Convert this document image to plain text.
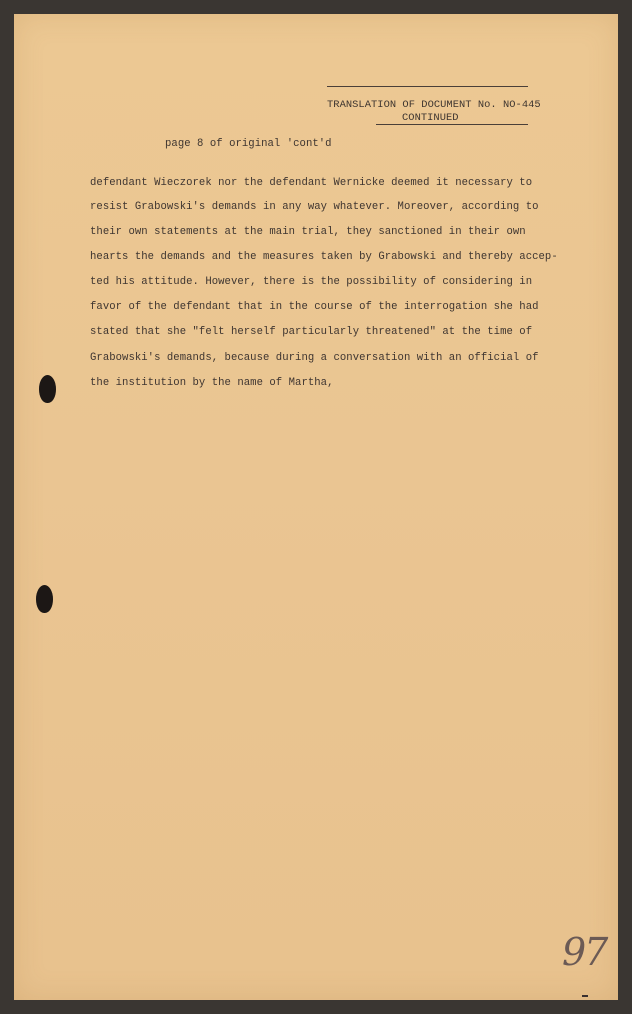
TRANSLATION OF DOCUMENT No. NO-445
CONTINUED
page 8 of original 'cont'd
defendant Wieczorek nor the defendant Wernicke deemed it necessary to
resist Grabowski's demands in any way whatever. Moreover, according to
their own statements at the main trial, they sanctioned in their own
hearts the demands and the measures taken by Grabowski and thereby accep-
ted his attitude. However, there is the possibility of considering in
favor of the defendant that in the course of the interrogation she had
stated that she "felt herself particularly threatened" at the time of
Grabowski's demands, because during a conversation with an official of
the institution by the name of Martha,
97
